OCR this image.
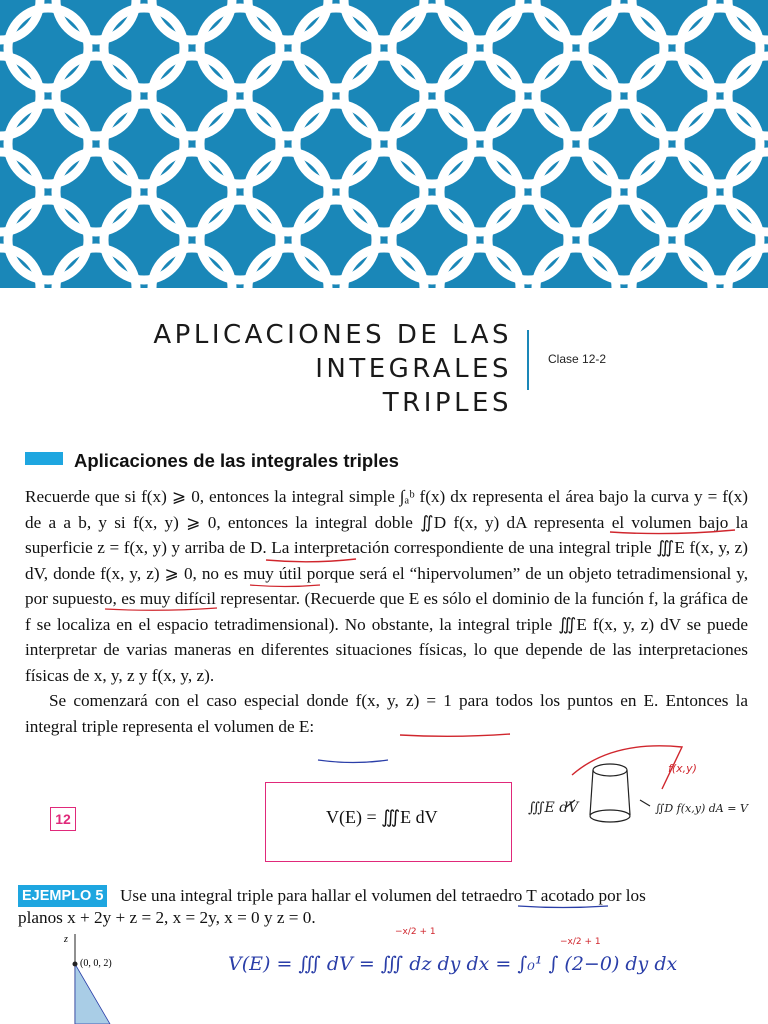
APLICACIONES DE LAS INTEGRALES
TRIPLES
Clase 12-2
Aplicaciones de las integrales triples

Recuerde que si f(x) ⩾ 0, entonces la integral simple ∫ₐᵇ f(x) dx representa el área bajo la curva y = f(x) de a a b, y si f(x, y) ⩾ 0, entonces la integral doble ∬D f(x, y) dA representa el volumen bajo la superficie z = f(x, y) y arriba de D. La interpretación correspondiente de una integral triple ∭E f(x, y, z) dV, donde f(x, y, z) ⩾ 0, no es muy útil porque será el “hipervolumen” de un objeto tetradimensional y, por supuesto, es muy difícil representar. (Recuerde que E es sólo el dominio de la función f, la gráfica de f se localiza en el espacio tetradimensional). No obstante, la integral triple ∭E f(x, y, z) dV se puede interpretar de varias maneras en diferentes situaciones físicas, lo que depende de las interpretaciones físicas de x, y, z y f(x, y, z).

Se comenzará con el caso especial donde f(x, y, z) = 1 para todos los puntos en E. Entonces la integral triple representa el volumen de E:

12	V(E) = ∭E dV
EJEMPLO 5 Use una integral triple para hallar el volumen del tetraedro T acotado por los
planos x + 2y + z = 2, x = 2y, x = 0 y z = 0.
z
(0, 0, 2)
f(x,y)
∭E dV	∬D f(x,y) dA = V
V(E) = ∭ dV = ∭ dz dy dx = ∫₀¹ ∫ (2−0) dy dx
−x/2 + 1
−x/2 + 1
